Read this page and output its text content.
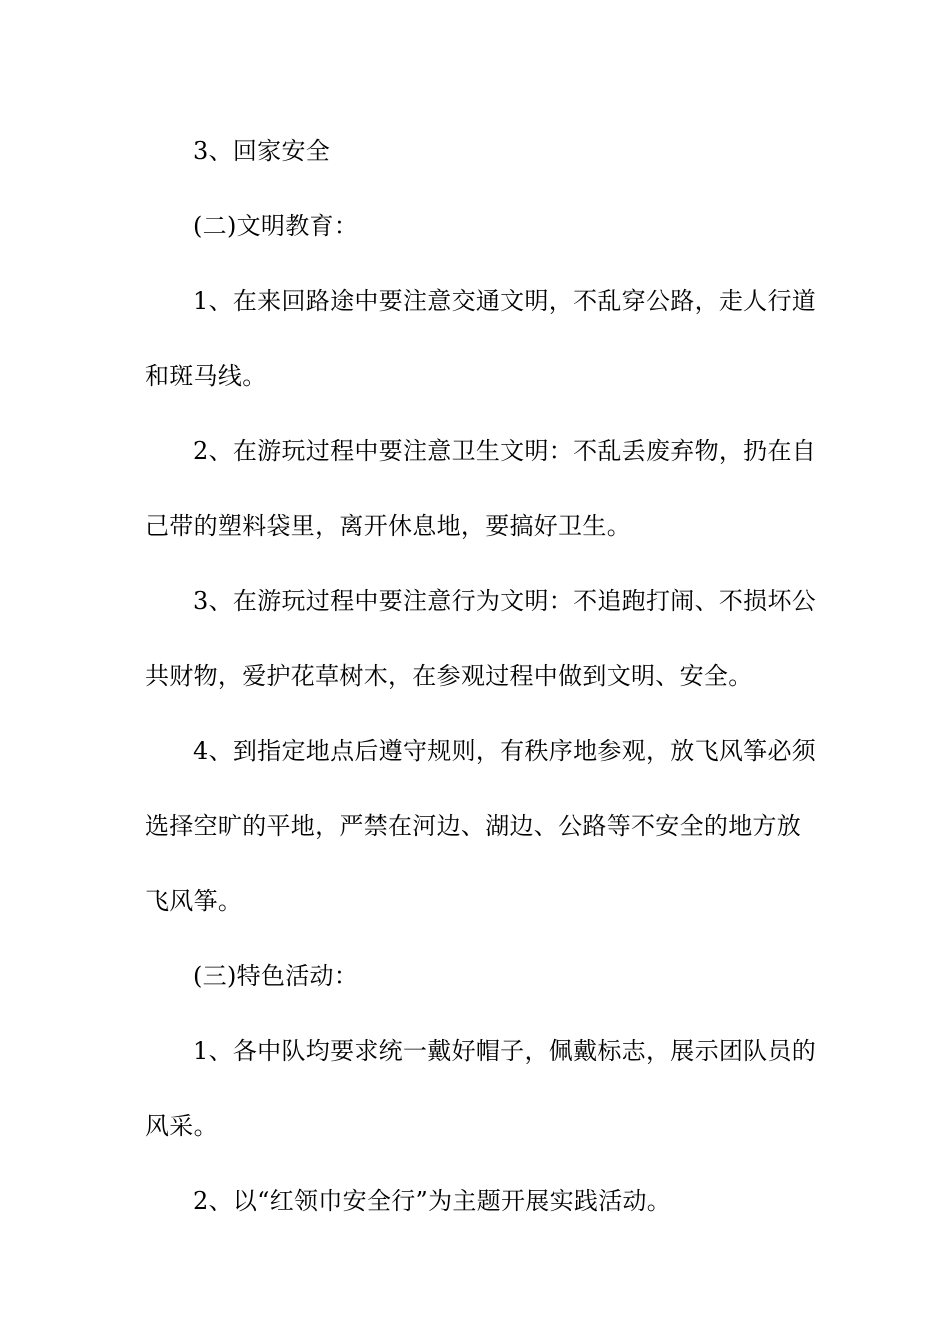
3、回家安全
(二)文明教育：
1、在来回路途中要注意交通文明，不乱穿公路，走人行道
和斑马线。
2、在游玩过程中要注意卫生文明：不乱丢废弃物，扔在自
己带的塑料袋里，离开休息地，要搞好卫生。
3、在游玩过程中要注意行为文明：不追跑打闹、不损坏公
共财物，爱护花草树木，在参观过程中做到文明、安全。
4、到指定地点后遵守规则，有秩序地参观，放飞风筝必须
选择空旷的平地，严禁在河边、湖边、公路等不安全的地方放
飞风筝。
(三)特色活动：
1、各中队均要求统一戴好帽子，佩戴标志，展示团队员的
风采。
2、以“红领巾安全行”为主题开展实践活动。
